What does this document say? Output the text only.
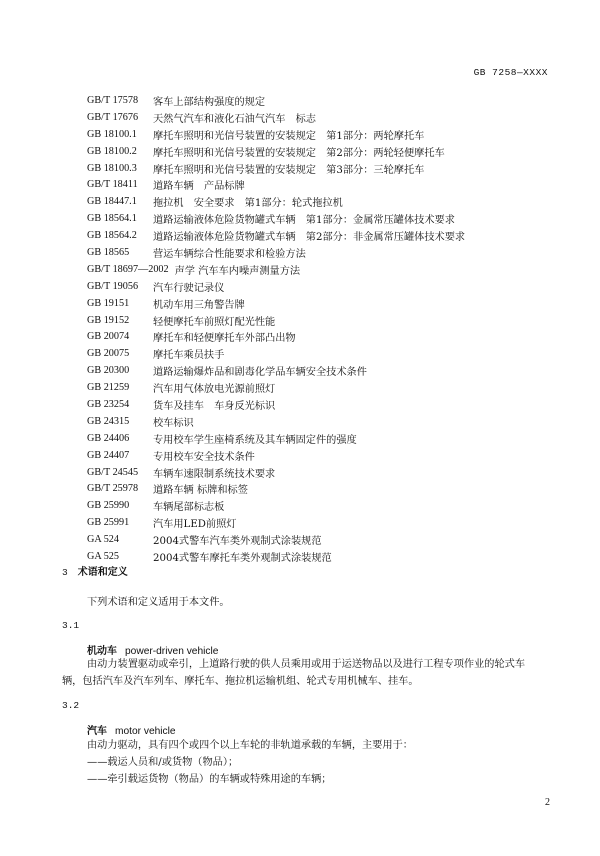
GB 7258—XXXX
GB/T 17578	客车上部结构强度的规定
GB/T 17676	天然气汽车和液化石油气汽车　标志
GB 18100.1	摩托车照明和光信号装置的安装规定　第1部分：两轮摩托车
GB 18100.2	摩托车照明和光信号装置的安装规定　第2部分：两轮轻便摩托车
GB 18100.3	摩托车照明和光信号装置的安装规定　第3部分：三轮摩托车
GB/T 18411	道路车辆　产品标牌
GB 18447.1	拖拉机　安全要求　第1部分：轮式拖拉机
GB 18564.1	道路运输液体危险货物罐式车辆　第1部分：金属常压罐体技术要求
GB 18564.2	道路运输液体危险货物罐式车辆　第2部分：非金属常压罐体技术要求
GB 18565	营运车辆综合性能要求和检验方法
GB/T 18697—2002 声学 汽车车内噪声测量方法
GB/T 19056	汽车行驶记录仪
GB 19151	机动车用三角警告牌
GB 19152	轻便摩托车前照灯配光性能
GB 20074	摩托车和轻便摩托车外部凸出物
GB 20075	摩托车乘员扶手
GB 20300	道路运输爆炸品和剧毒化学品车辆安全技术条件
GB 21259	汽车用气体放电光源前照灯
GB 23254	货车及挂车　车身反光标识
GB 24315	校车标识
GB 24406	专用校车学生座椅系统及其车辆固定件的强度
GB 24407	专用校车安全技术条件
GB/T 24545	车辆车速限制系统技术要求
GB/T 25978	道路车辆 标牌和标签
GB 25990	车辆尾部标志板
GB 25991	汽车用LED前照灯
GA 524	2004式警车汽车类外观制式涂装规范
GA 525	2004式警车摩托车类外观制式涂装规范
3 术语和定义
下列术语和定义适用于本文件。
3.1
机动车 power-driven vehicle
由动力装置驱动或牵引，上道路行驶的供人员乘用或用于运送物品以及进行工程专项作业的轮式车
辆，包括汽车及汽车列车、摩托车、拖拉机运输机组、轮式专用机械车、挂车。
3.2
汽车 motor vehicle
由动力驱动，具有四个或四个以上车轮的非轨道承载的车辆，主要用于：
——载运人员和/或货物（物品）；
——牵引载运货物（物品）的车辆或特殊用途的车辆；
2
